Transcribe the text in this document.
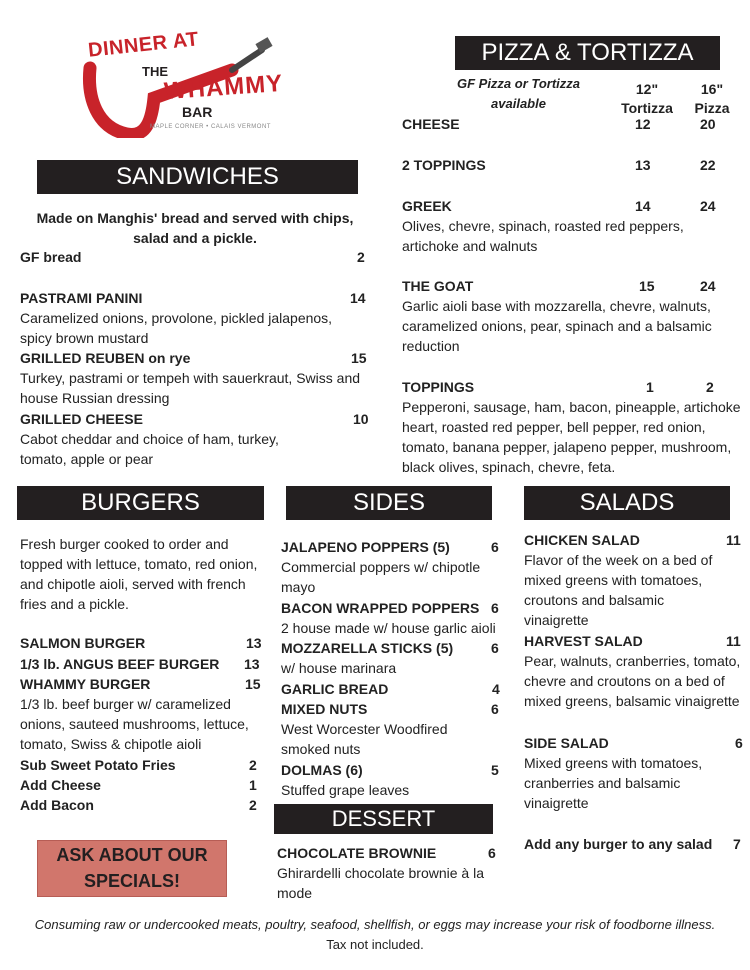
DINNER AT
THE
WHAMMY
BAR
MAPLE CORNER • CALAIS VERMONT
PIZZA & TORTIZZA
GF Pizza or Tortizza available
12" Tortizza
16" Pizza
CHEESE	12	20
2 TOPPINGS	13	22
GREEK	14	24
Olives, chevre, spinach, roasted red peppers, artichoke and walnuts
THE GOAT	15	24
Garlic aioli base with mozzarella, chevre, walnuts, caramelized onions, pear, spinach and a balsamic reduction
TOPPINGS	1	2
Pepperoni, sausage, ham, bacon, pineapple, artichoke heart, roasted red pepper, bell pepper, red onion, tomato, banana pepper, jalapeno pepper, mushroom, black olives, spinach, chevre, feta.
SANDWICHES
Made on Manghis' bread and served with chips, salad and a pickle.
GF bread	2
PASTRAMI PANINI	14
Caramelized onions, provolone, pickled jalapenos, spicy brown mustard
GRILLED REUBEN on rye	15
Turkey, pastrami or tempeh with sauerkraut, Swiss and house Russian dressing
GRILLED CHEESE	10
Cabot cheddar and choice of ham, turkey, tomato, apple or pear
BURGERS	SIDES	SALADS
Fresh burger cooked to order and topped with lettuce, tomato, red onion, and chipotle aioli, served with french fries and a pickle.
SALMON BURGER	13
1/3 lb. ANGUS BEEF BURGER 13
WHAMMY BURGER	15
1/3 lb. beef burger w/ caramelized onions, sauteed mushrooms, lettuce, tomato, Swiss & chipotle aioli
Sub Sweet Potato Fries	2
Add Cheese	1
Add Bacon	2
ASK ABOUT OUR SPECIALS!
JALAPENO POPPERS (5)	6
Commercial poppers w/ chipotle mayo
BACON WRAPPED POPPERS 6
2 house made w/ house garlic aioli
MOZZARELLA STICKS (5)	6
w/ house marinara
GARLIC BREAD	4
MIXED NUTS	6
West Worcester Woodfired smoked nuts
DOLMAS (6)	5
Stuffed grape leaves
DESSERT
CHOCOLATE BROWNIE	6
Ghirardelli chocolate brownie à la mode
CHICKEN SALAD	11
Flavor of the week on a bed of mixed greens with tomatoes, croutons and balsamic vinaigrette
HARVEST SALAD	11
Pear, walnuts, cranberries, tomato, chevre and croutons on a bed of mixed greens, balsamic vinaigrette
SIDE SALAD	6
Mixed greens with tomatoes, cranberries and balsamic vinaigrette
Add any burger to any salad 7
Consuming raw or undercooked meats, poultry, seafood, shellfish, or eggs may increase your risk of foodborne illness.
Tax not included.
